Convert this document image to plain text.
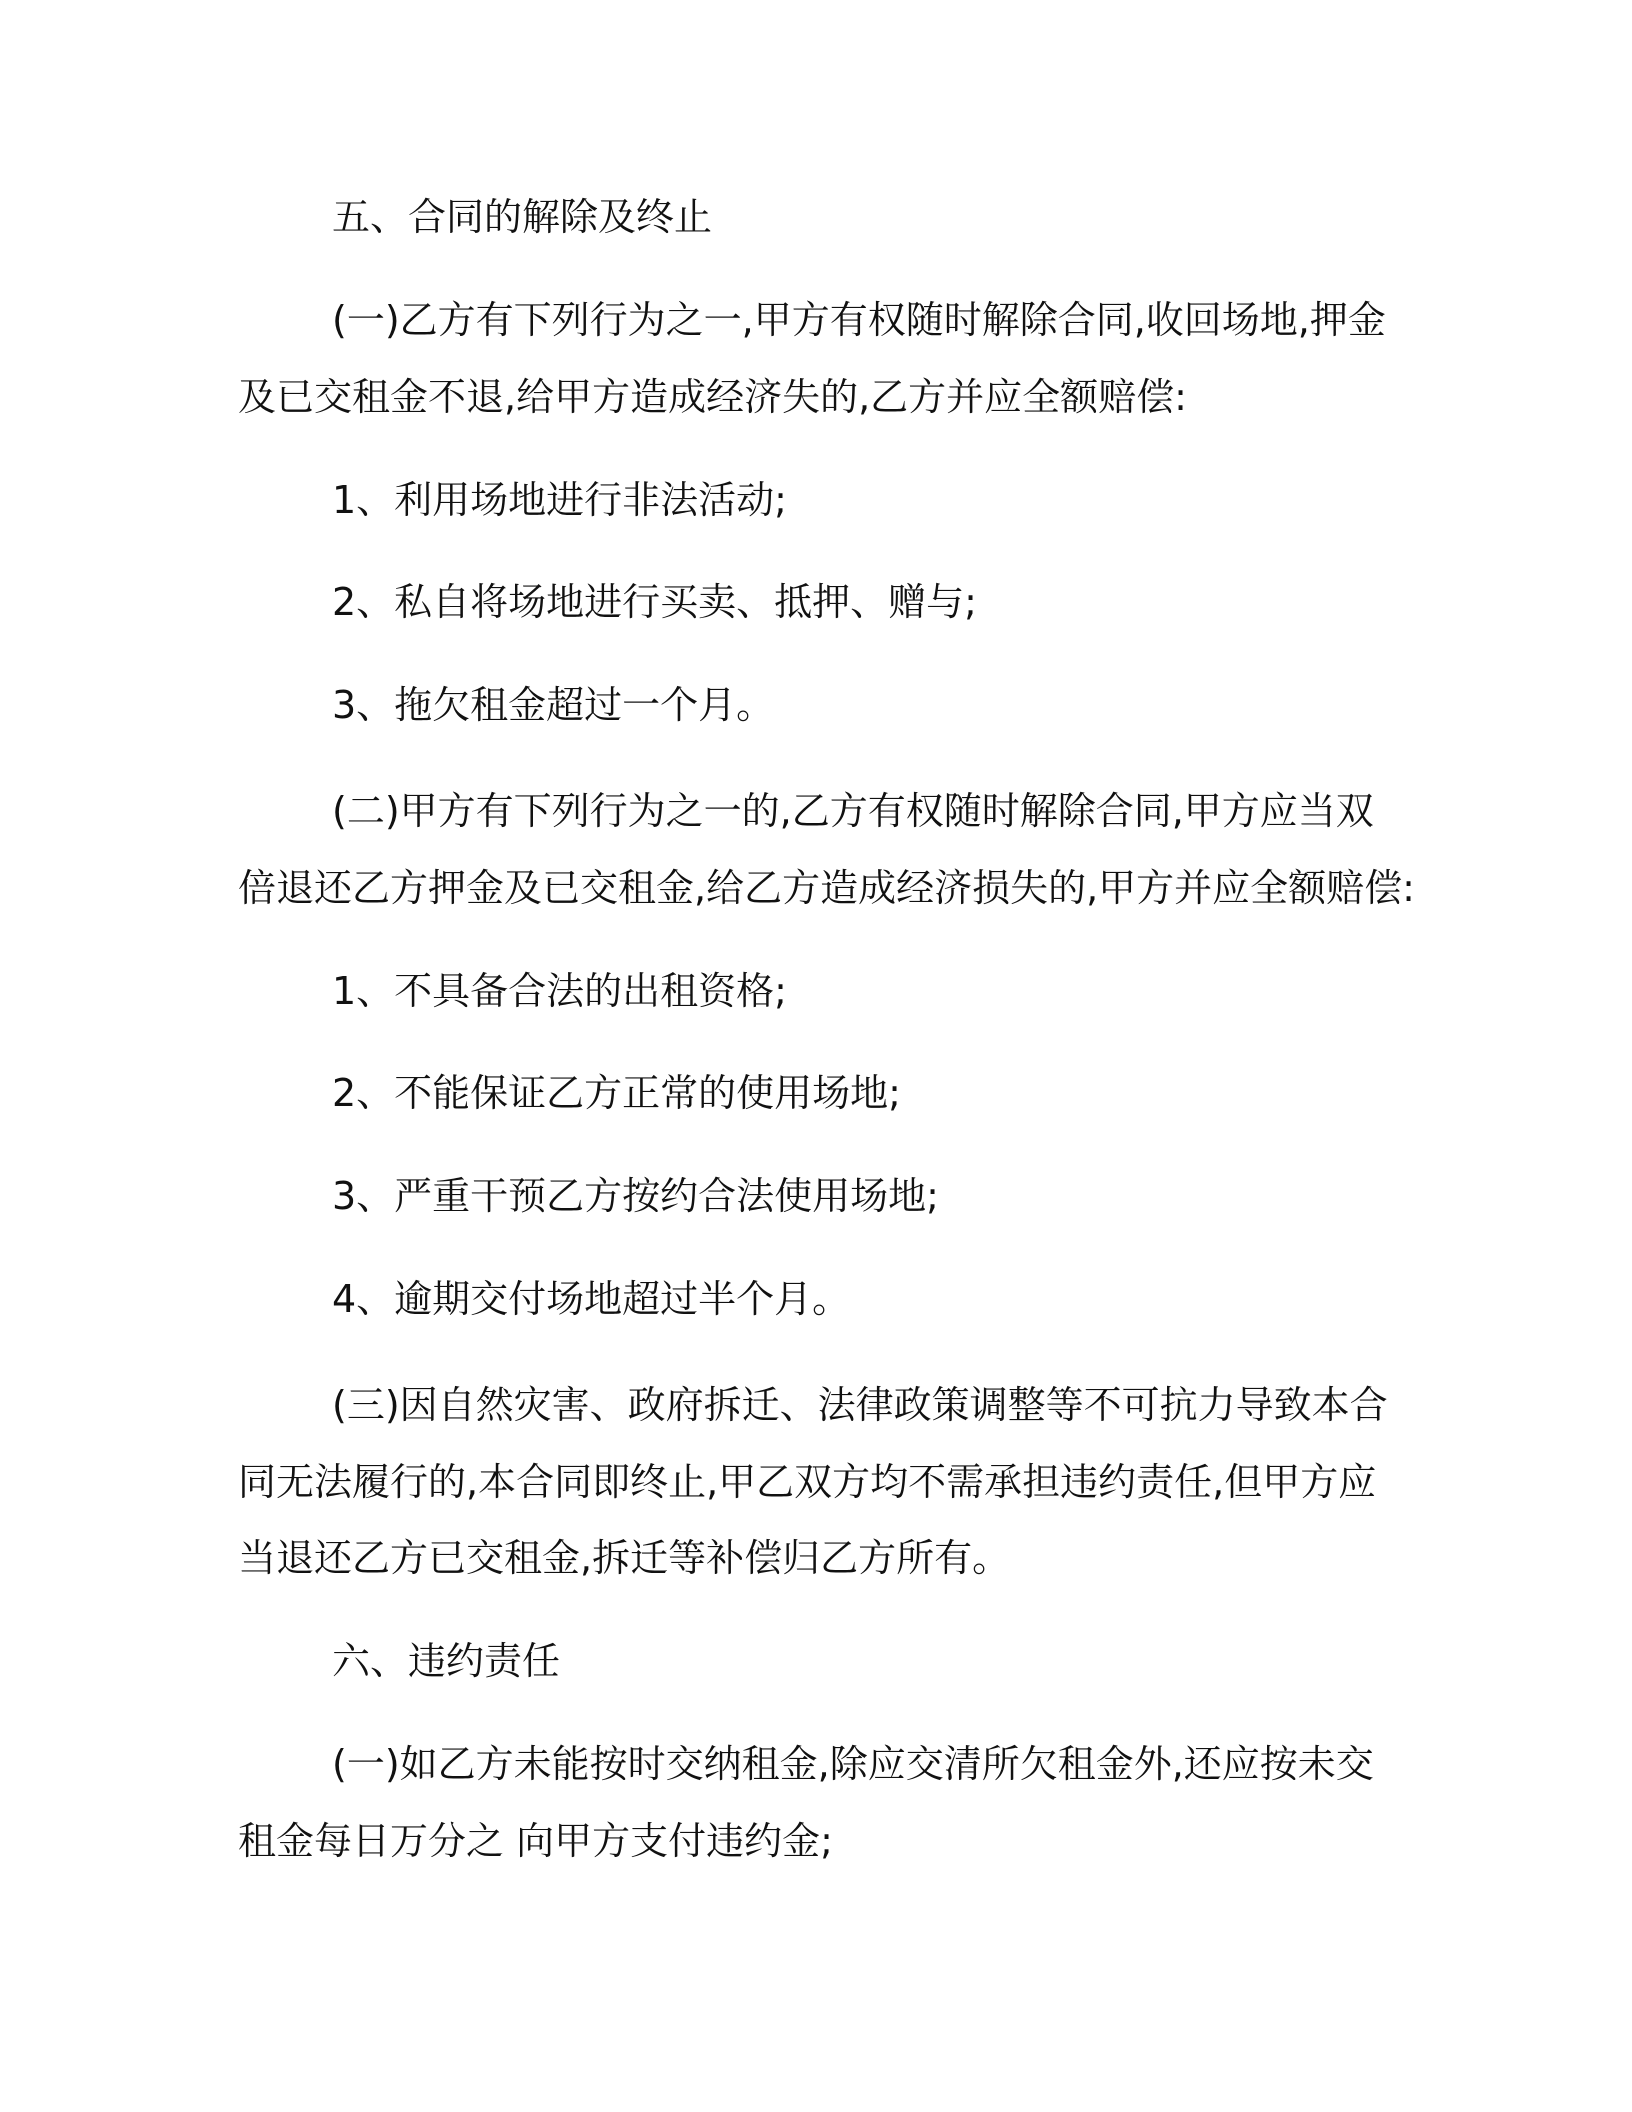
五、合同的解除及终止
(一)乙方有下列行为之一,甲方有权随时解除合同,收回场地,押金
及已交租金不退,给甲方造成经济失的,乙方并应全额赔偿:
1、利用场地进行非法活动;
2、私自将场地进行买卖、抵押、赠与;
3、拖欠租金超过一个月。
(二)甲方有下列行为之一的,乙方有权随时解除合同,甲方应当双
倍退还乙方押金及已交租金,给乙方造成经济损失的,甲方并应全额赔偿:
1、不具备合法的出租资格;
2、不能保证乙方正常的使用场地;
3、严重干预乙方按约合法使用场地;
4、逾期交付场地超过半个月。
(三)因自然灾害、政府拆迁、法律政策调整等不可抗力导致本合
同无法履行的,本合同即终止,甲乙双方均不需承担违约责任,但甲方应
当退还乙方已交租金,拆迁等补偿归乙方所有。
六、违约责任
(一)如乙方未能按时交纳租金,除应交清所欠租金外,还应按未交
租金每日万分之 向甲方支付违约金;
